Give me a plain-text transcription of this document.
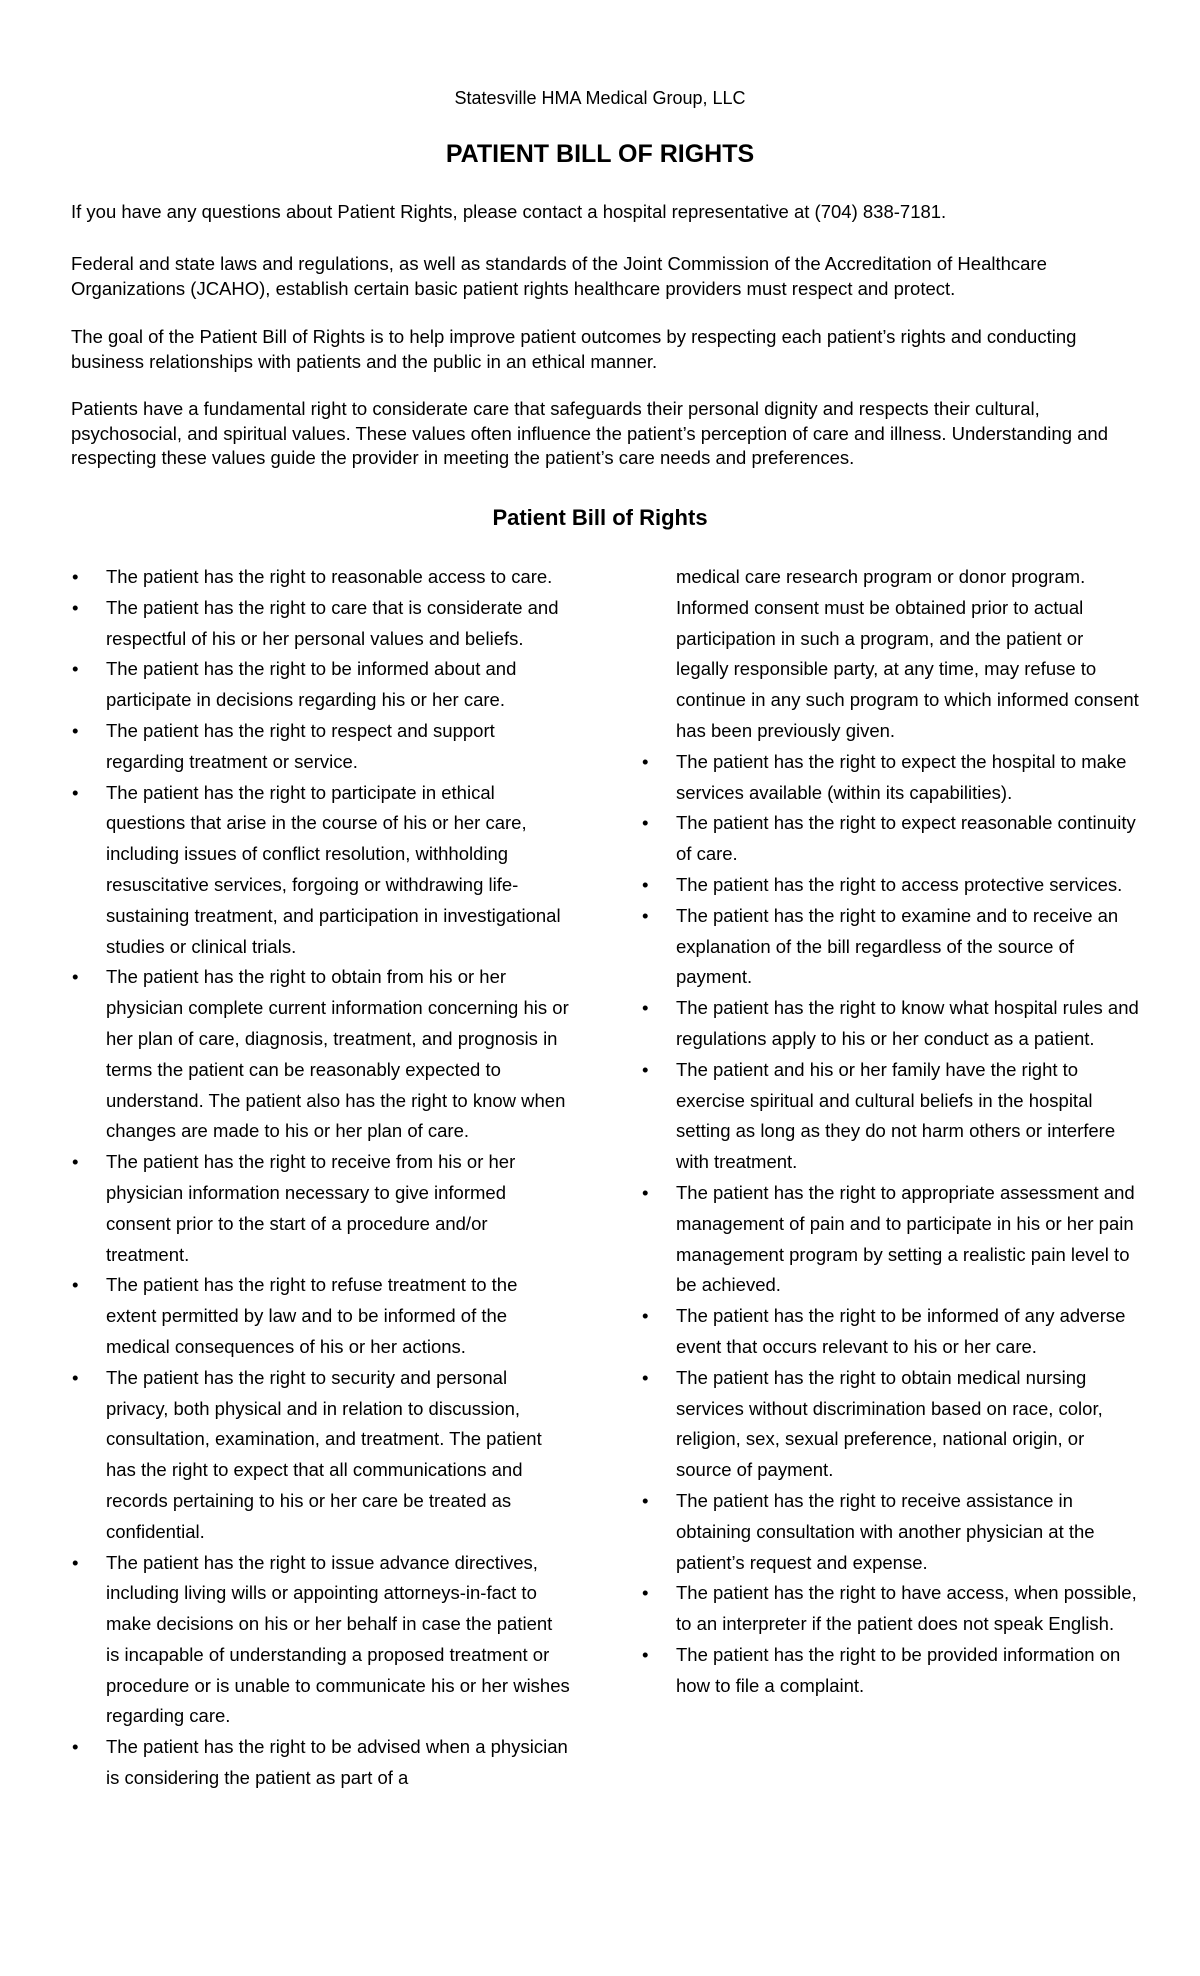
Statesville HMA Medical Group, LLC
PATIENT BILL OF RIGHTS

If you have any questions about Patient Rights, please contact a hospital representative at (704) 838-7181.

Federal and state laws and regulations, as well as standards of the Joint Commission of the Accreditation of Healthcare Organizations (JCAHO), establish certain basic patient rights healthcare providers must respect and protect.

The goal of the Patient Bill of Rights is to help improve patient outcomes by respecting each patient’s rights and conducting business relationships with patients and the public in an ethical manner.

Patients have a fundamental right to considerate care that safeguards their personal dignity and respects their cultural, psychosocial, and spiritual values. These values often influence the patient’s perception of care and illness. Understanding and respecting these values guide the provider in meeting the patient’s care needs and preferences.

Patient Bill of Rights
• The patient has the right to reasonable access to care.
• The patient has the right to care that is considerate and respectful of his or her personal values and beliefs.
• The patient has the right to be informed about and participate in decisions regarding his or her care.
• The patient has the right to respect and support regarding treatment or service.
• The patient has the right to participate in ethical questions that arise in the course of his or her care, including issues of conflict resolution, withholding resuscitative services, forgoing or withdrawing life-sustaining treatment, and participation in investigational studies or clinical trials.
• The patient has the right to obtain from his or her physician complete current information concerning his or her plan of care, diagnosis, treatment, and prognosis in terms the patient can be reasonably expected to understand. The patient also has the right to know when changes are made to his or her plan of care.
• The patient has the right to receive from his or her physician information necessary to give informed consent prior to the start of a procedure and/or treatment.
• The patient has the right to refuse treatment to the extent permitted by law and to be informed of the medical consequences of his or her actions.
• The patient has the right to security and personal privacy, both physical and in relation to discussion, consultation, examination, and treatment. The patient has the right to expect that all communications and records pertaining to his or her care be treated as confidential.
• The patient has the right to issue advance directives, including living wills or appointing attorneys-in-fact to make decisions on his or her behalf in case the patient is incapable of understanding a proposed treatment or procedure or is unable to communicate his or her wishes regarding care.
• The patient has the right to be advised when a physician is considering the patient as part of a
medical care research program or donor program. Informed consent must be obtained prior to actual participation in such a program, and the patient or legally responsible party, at any time, may refuse to continue in any such program to which informed consent has been previously given.
• The patient has the right to expect the hospital to make services available (within its capabilities).
• The patient has the right to expect reasonable continuity of care.
• The patient has the right to access protective services.
• The patient has the right to examine and to receive an explanation of the bill regardless of the source of payment.
• The patient has the right to know what hospital rules and regulations apply to his or her conduct as a patient.
• The patient and his or her family have the right to exercise spiritual and cultural beliefs in the hospital setting as long as they do not harm others or interfere with treatment.
• The patient has the right to appropriate assessment and management of pain and to participate in his or her pain management program by setting a realistic pain level to be achieved.
• The patient has the right to be informed of any adverse event that occurs relevant to his or her care.
• The patient has the right to obtain medical nursing services without discrimination based on race, color, religion, sex, sexual preference, national origin, or source of payment.
• The patient has the right to receive assistance in obtaining consultation with another physician at the patient’s request and expense.
• The patient has the right to have access, when possible, to an interpreter if the patient does not speak English.
• The patient has the right to be provided information on how to file a complaint.
